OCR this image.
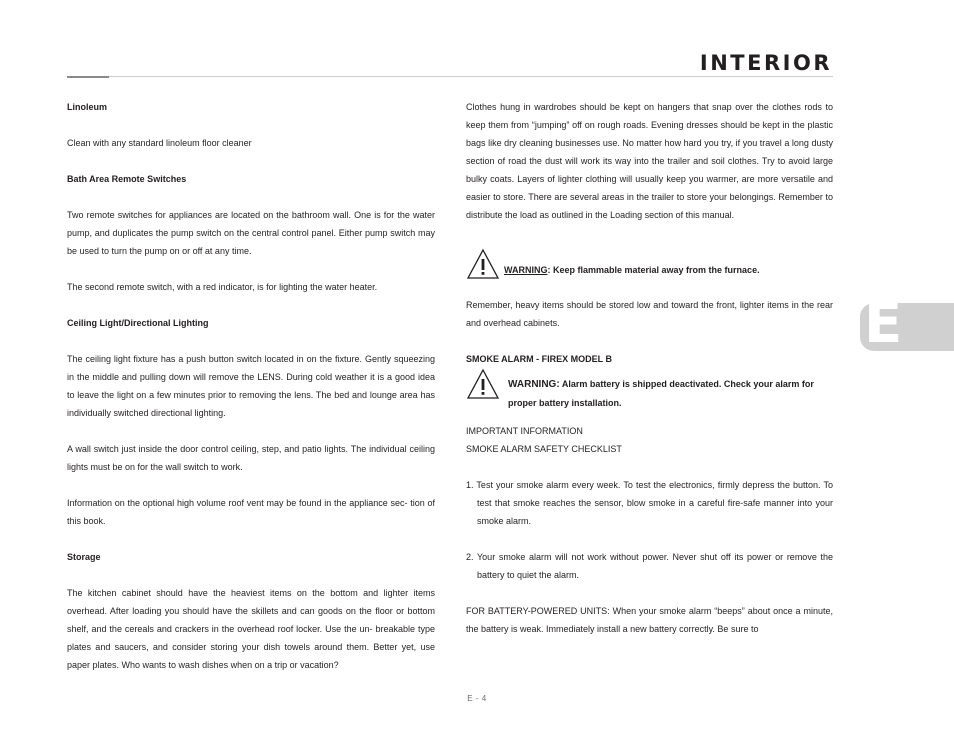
INTERIOR
E

Linoleum

Clean with any standard linoleum floor cleaner

Bath Area Remote Switches

Two remote switches for appliances are located on the bathroom wall. One is for the water pump, and duplicates the pump switch on the central control panel. Either pump switch may be used to turn the pump on or off at any time.

The second remote switch, with a red indicator, is for lighting the water heater.

Ceiling Light/Directional Lighting

The ceiling light fixture has a push button switch located in on the fixture. Gently squeezing in the middle and pulling down will remove the LENS. During cold weather it is a good idea to leave the light on a few minutes prior to removing the lens. The bed and lounge area has individually switched directional lighting.

A wall switch just inside the door control ceiling, step, and patio lights. The individual ceiling lights must be on for the wall switch to work.

Information on the optional high volume roof vent may be found in the appliance sec- tion of this book.

Storage

The kitchen cabinet should have the heaviest items on the bottom and lighter items overhead. After loading you should have the skillets and can goods on the floor or bottom shelf, and the cereals and crackers in the overhead roof locker. Use the un- breakable type plates and saucers, and consider storing your dish towels around them. Better yet, use paper plates. Who wants to wash dishes when on a trip or vacation?

Clothes hung in wardrobes should be kept on hangers that snap over the clothes rods to keep them from “jumping” off on rough roads. Evening dresses should be kept in the plastic bags like dry cleaning businesses use. No matter how hard you try, if you travel a long dusty section of road the dust will work its way into the trailer and soil clothes. Try to avoid large bulky coats. Layers of lighter clothing will usually keep you warmer, are more versatile and easier to store. There are several areas in the trailer to store your belongings. Remember to distribute the load as outlined in the Loading section of this manual.

WARNING: Keep flammable material away from the furnace.

Remember, heavy items should be stored low and toward the front, lighter items in the rear and overhead cabinets.

SMOKE ALARM - FIREX MODEL B

WARNING: Alarm battery is shipped deactivated. Check your alarm for proper battery installation.

IMPORTANT INFORMATION

SMOKE ALARM SAFETY CHECKLIST

1. Test your smoke alarm every week. To test the electronics, firmly depress the button. To test that smoke reaches the sensor, blow smoke in a careful fire-safe manner into your smoke alarm.

2. Your smoke alarm will not work without power. Never shut off its power or remove the battery to quiet the alarm.

FOR BATTERY-POWERED UNITS: When your smoke alarm “beeps” about once a minute, the battery is weak. Immediately install a new battery correctly. Be sure to

E - 4
